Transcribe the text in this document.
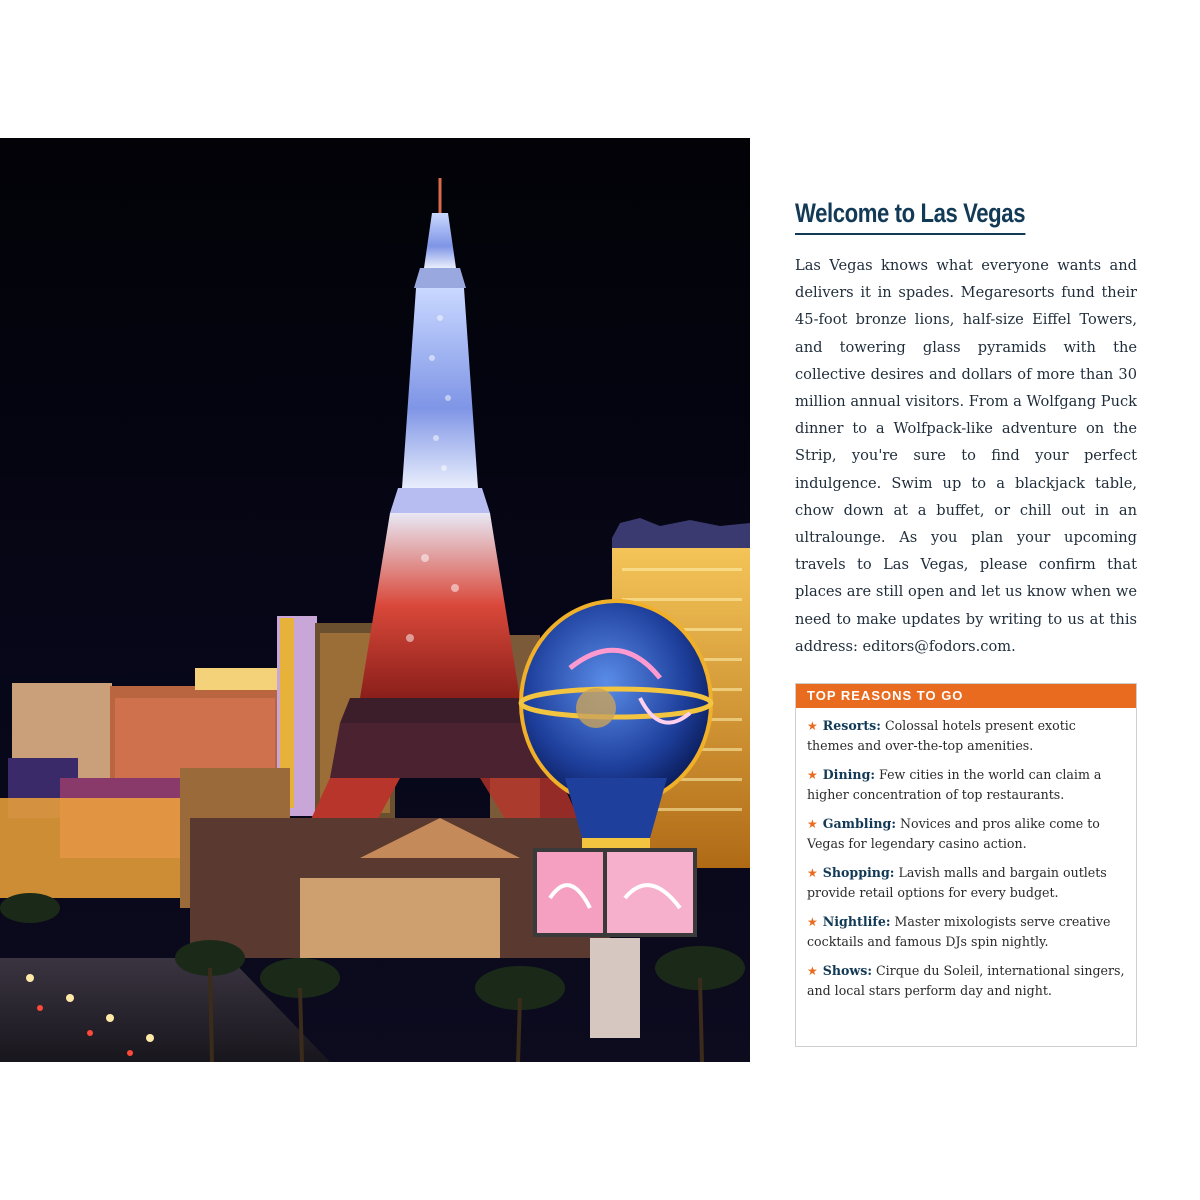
Welcome to Las Vegas

Las Vegas knows what everyone wants and delivers it in spades. Megaresorts fund their 45-foot bronze lions, half-size Eiffel Towers, and towering glass pyramids with the collective desires and dollars of more than 30 million annual visitors. From a Wolfgang Puck dinner to a Wolfpack-like adventure on the Strip, you're sure to find your perfect indulgence. Swim up to a blackjack table, chow down at a buffet, or chill out in an ultralounge. As you plan your upcoming travels to Las Vegas, please confirm that places are still open and let us know when we need to make updates by writing to us at this address: editors@fodors.com.

TOP REASONS TO GO
★ Resorts: Colossal hotels present exotic themes and over-the-top amenities.
★ Dining: Few cities in the world can claim a higher concentration of top restaurants.
★ Gambling: Novices and pros alike come to Vegas for legendary casino action.
★ Shopping: Lavish malls and bargain outlets provide retail options for every budget.
★ Nightlife: Master mixologists serve creative cocktails and famous DJs spin nightly.
★ Shows: Cirque du Soleil, international singers, and local stars perform day and night.
